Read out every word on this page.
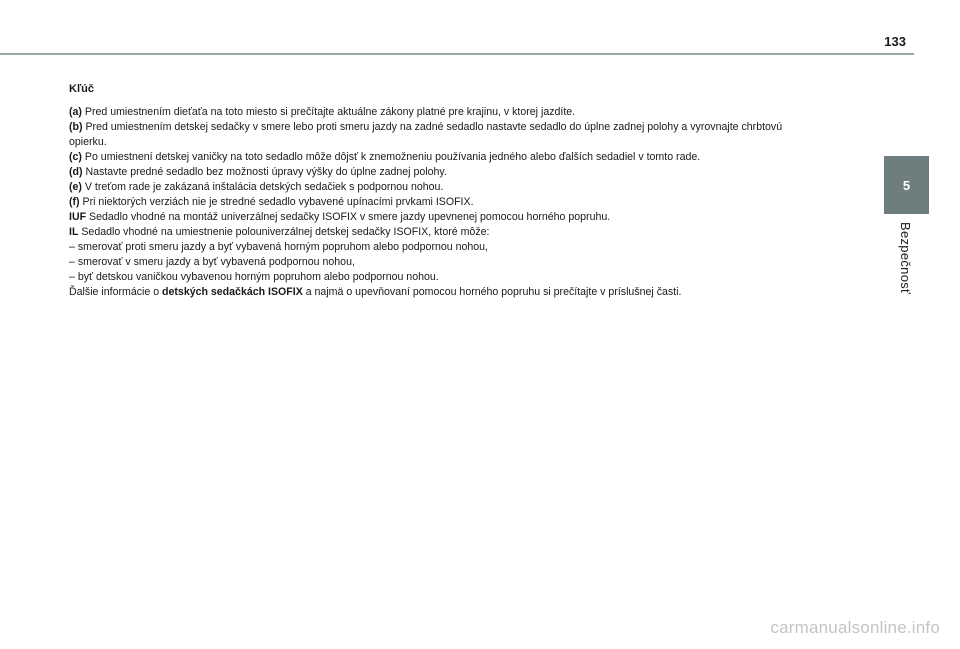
133
5
Bezpečnosť
Kľúč

(a) Pred umiestnením dieťaťa na toto miesto si prečítajte aktuálne zákony platné pre krajinu, v ktorej jazdíte.

(b) Pred umiestnením detskej sedačky v smere lebo proti smeru jazdy na zadné sedadlo nastavte sedadlo do úplne zadnej polohy a vyrovnajte chrbtovú

opierku.

(c) Po umiestnení detskej vaničky na toto sedadlo môže dôjsť k znemožneniu používania jedného alebo ďalších sedadiel v tomto rade.

(d) Nastavte predné sedadlo bez možnosti úpravy výšky do úplne zadnej polohy.

(e) V treťom rade je zakázaná inštalácia detských sedačiek s podpornou nohou.

(f) Pri niektorých verziách nie je stredné sedadlo vybavené upínacími prvkami ISOFIX.

IUF Sedadlo vhodné na montáž univerzálnej sedačky ISOFIX v smere jazdy upevnenej pomocou horného popruhu.

IL Sedadlo vhodné na umiestnenie polouniverzálnej detskej sedačky ISOFIX, ktoré môže:

– smerovať proti smeru jazdy a byť vybavená horným popruhom alebo podpornou nohou,

– smerovať v smeru jazdy a byť vybavená podpornou nohou,

– byť detskou vaničkou vybavenou horným popruhom alebo podpornou nohou.

Ďalšie informácie o detských sedačkách ISOFIX a najmä o upevňovaní pomocou horného popruhu si prečítajte v príslušnej časti.

carmanualsonline.info
